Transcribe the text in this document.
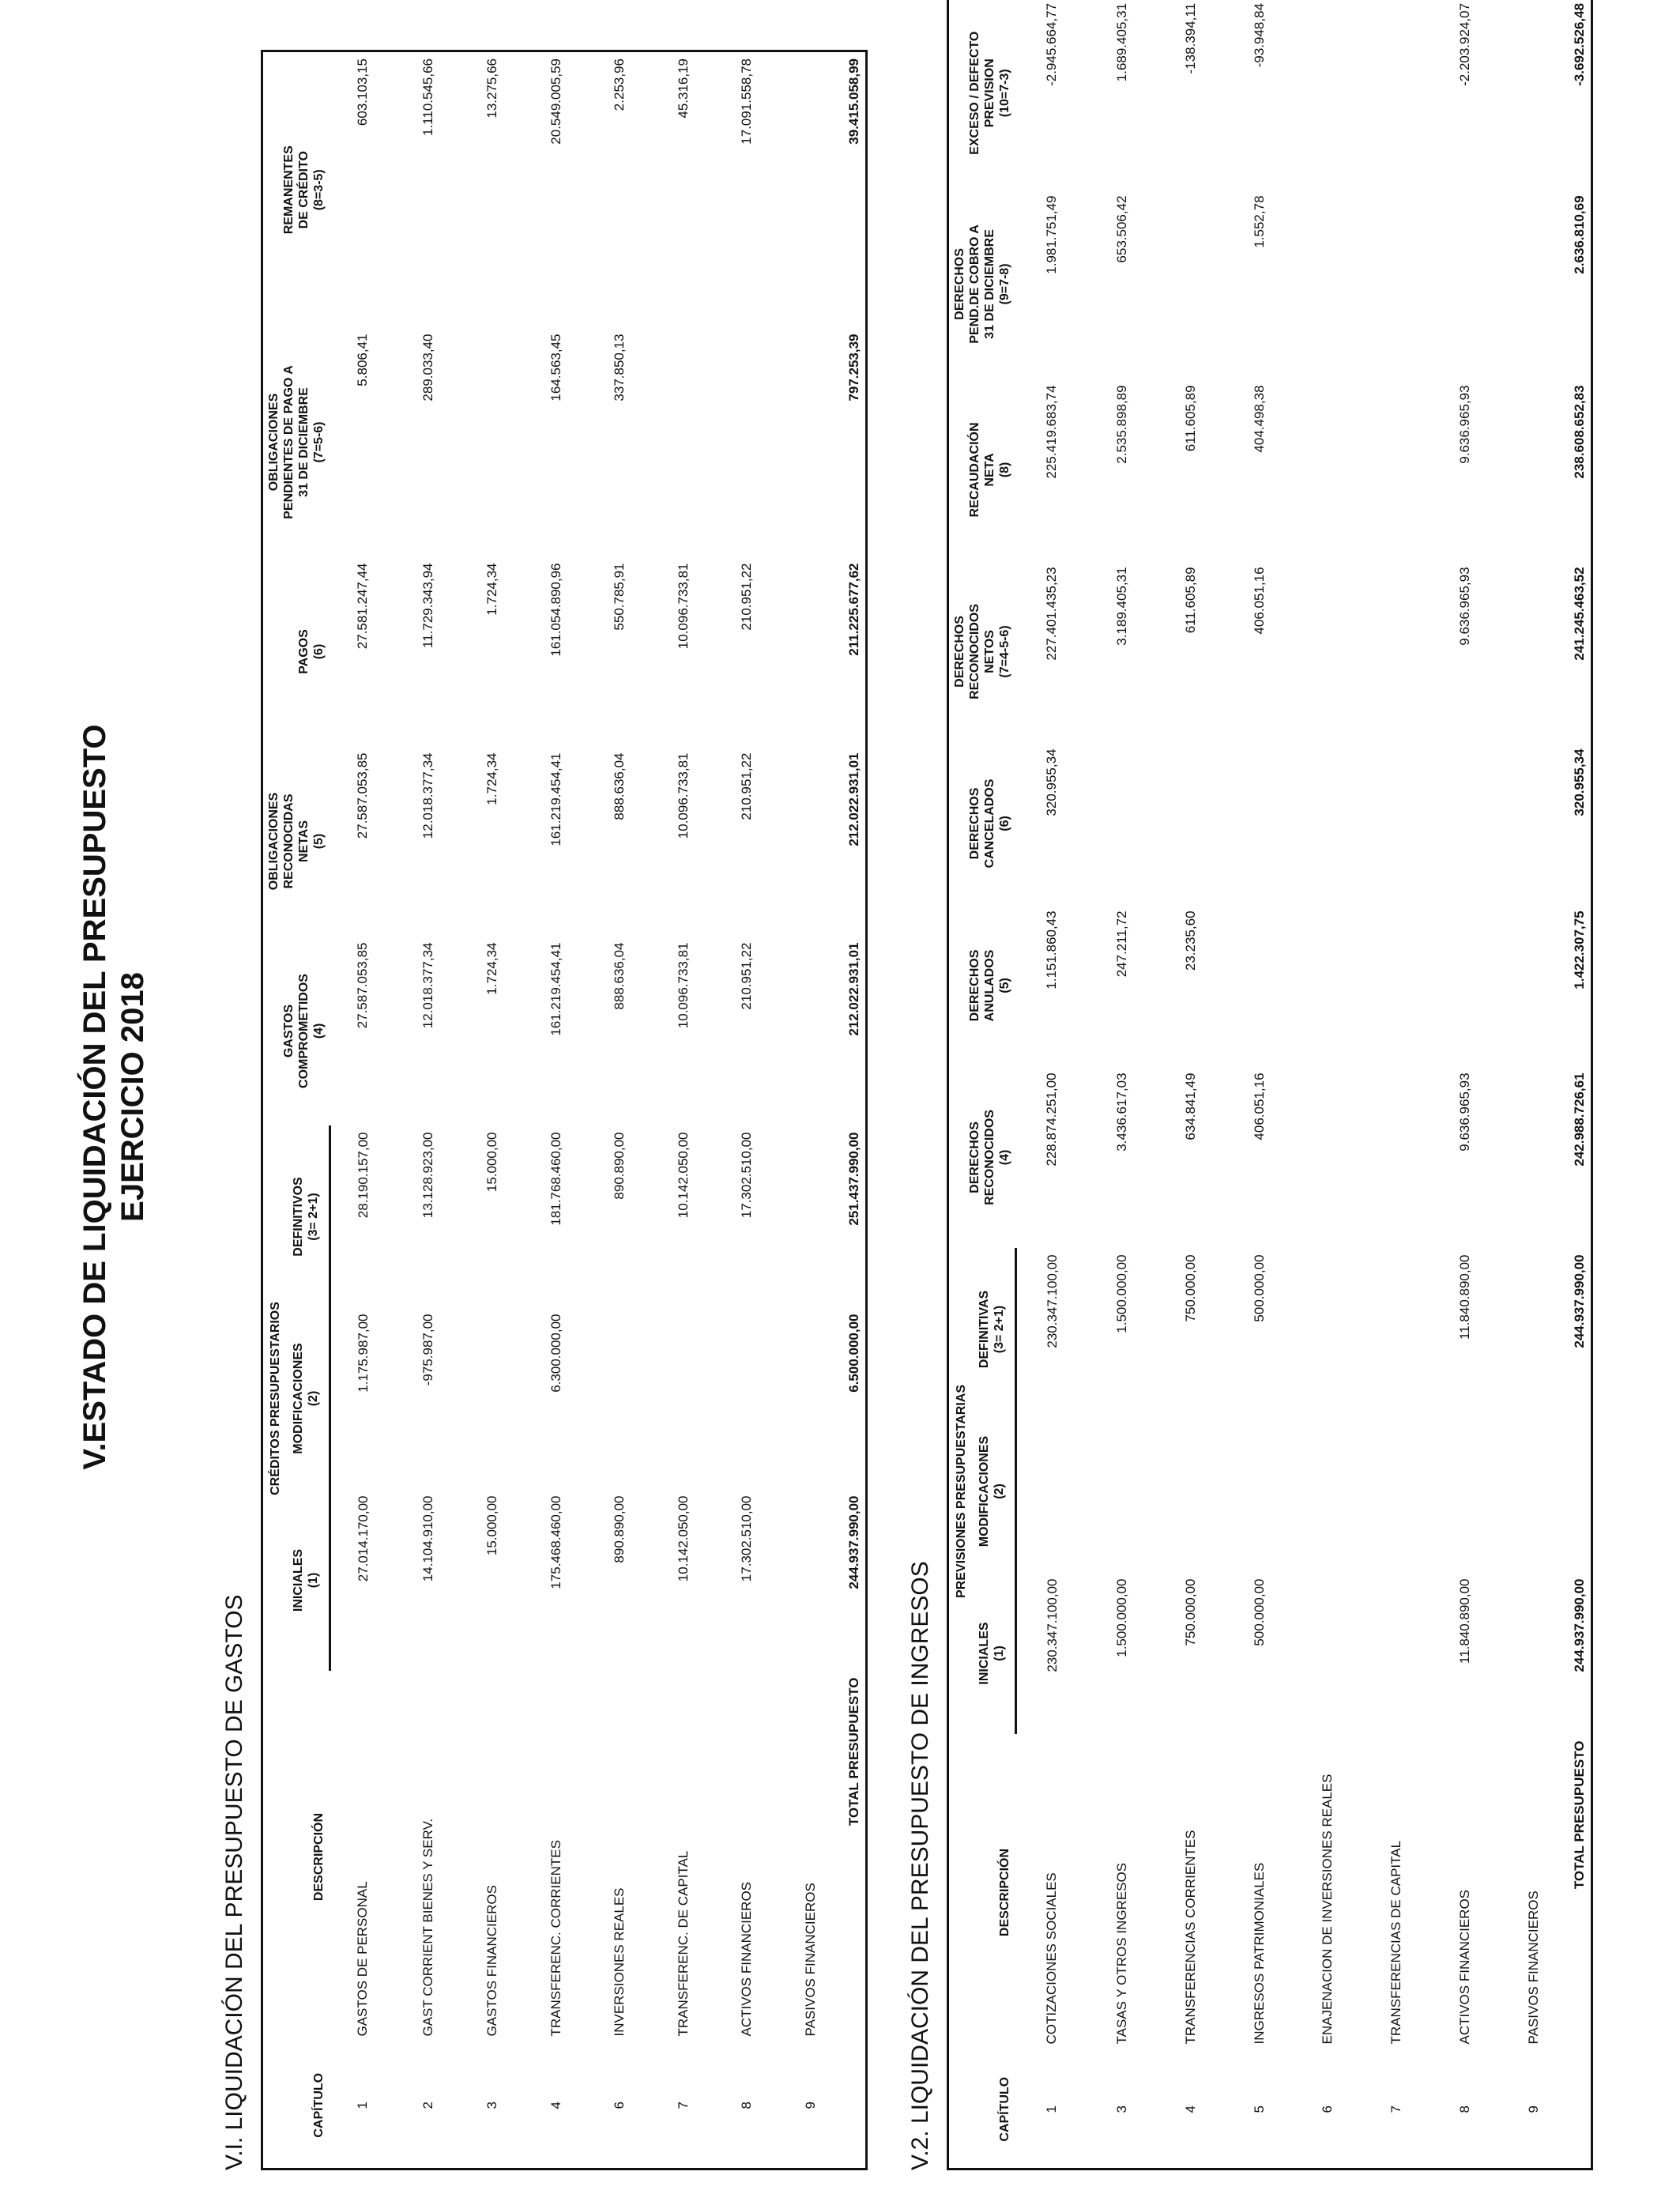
V.ESTADO DE LIQUIDACIÓN DEL PRESUPUESTO EJERCICIO 2018
V.I. LIQUIDACIÓN DEL PRESUPUESTO DE GASTOS	CAPÍTULO	DESCRIPCIÓN	CRÉDITOS PRESUPUESTARIOS			GASTOS COMPROMETIDOS (4)	OBLIGACIONES RECONOCIDAS NETAS (5)	PAGOS (6)	OBLIGACIONES PENDIENTES DE PAGO A 31 DE DICIEMBRE (7=5-6)	REMANENTES DE CRÉDITO (8=3-5)

		INICIALES (1)	MODIFICACIONES (2)	DEFINITIVOS (3= 2+1)					

1	GASTOS DE PERSONAL	27.014.170,00	1.175.987,00	28.190.157,00	27.587.053,85	27.587.053,85	27.581.247,44	5.806,41	603.103,15
2	GAST CORRIENT BIENES Y SERV.	14.104.910,00	-975.987,00	13.128.923,00	12.018.377,34	12.018.377,34	11.729.343,94	289.033,40	1.110.545,66
3	GASTOS FINANCIEROS	15.000,00		15.000,00	1.724,34	1.724,34	1.724,34		13.275,66
4	TRANSFERENC. CORRIENTES	175.468.460,00	6.300.000,00	181.768.460,00	161.219.454,41	161.219.454,41	161.054.890,96	164.563,45	20.549.005,59
6	INVERSIONES REALES	890.890,00		890.890,00	888.636,04	888.636,04	550.785,91	337.850,13	2.253,96
7	TRANSFERENC. DE CAPITAL	10.142.050,00		10.142.050,00	10.096.733,81	10.096.733,81	10.096.733,81		45.316,19
8	ACTIVOS FINANCIEROS	17.302.510,00		17.302.510,00	210.951,22	210.951,22	210.951,22		17.091.558,78
9	PASIVOS FINANCIEROS								
	TOTAL PRESUPUESTO	244.937.990,00	6.500.000,00	251.437.990,00	212.022.931,01	212.022.931,01	211.225.677,62	797.253,39	39.415.058,99
V.2. LIQUIDACIÓN DEL PRESUPUESTO DE INGRESOS	CAPÍTULO	DESCRIPCIÓN	PREVISIONES PRESUPUESTARIAS			DERECHOS RECONOCIDOS (4)	DERECHOS ANULADOS (5)	DERECHOS CANCELADOS (6)	DERECHOS RECONOCIDOS NETOS (7=4-5-6)	RECAUDACIÓN NETA (8)	DERECHOS PEND.DE COBRO A 31 DE DICIEMBRE (9=7-8)	EXCESO / DEFECTO PREVISION (10=7-3)

		INICIALES (1)	MODIFICACIONES (2)	DEFINITIVAS (3= 2+1)							

1	COTIZACIONES SOCIALES	230.347.100,00		230.347.100,00	228.874.251,00	1.151.860,43	320.955,34	227.401.435,23	225.419.683,74	1.981.751,49	-2.945.664,77
3	TASAS Y OTROS INGRESOS	1.500.000,00		1.500.000,00	3.436.617,03	247.211,72		3.189.405,31	2.535.898,89	653.506,42	1.689.405,31
4	TRANSFERENCIAS CORRIENTES	750.000,00		750.000,00	634.841,49	23.235,60		611.605,89	611.605,89		-138.394,11
5	INGRESOS PATRIMONIALES	500.000,00		500.000,00	406.051,16			406.051,16	404.498,38	1.552,78	-93.948,84
6	ENAJENACION DE INVERSIONES REALES										
7	TRANSFERENCIAS DE CAPITAL										
8	ACTIVOS FINANCIEROS	11.840.890,00		11.840.890,00	9.636.965,93			9.636.965,93	9.636.965,93		-2.203.924,07
9	PASIVOS FINANCIEROS										
	TOTAL PRESUPUESTO	244.937.990,00		244.937.990,00	242.988.726,61	1.422.307,75	320.955,34	241.245.463,52	238.608.652,83	2.636.810,69	-3.692.526,48
